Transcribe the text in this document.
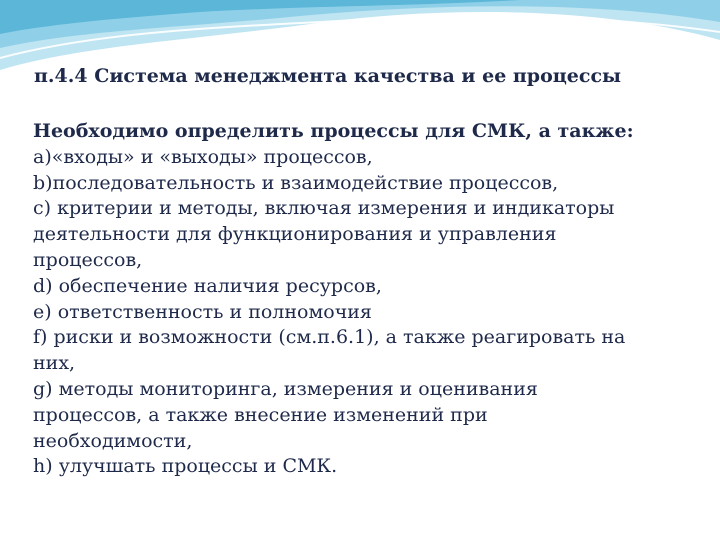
п.4.4 Система менеджмента качества и ее процессы
Необходимо определить процессы для СМК, а также:
a)«входы» и «выходы» процессов,
b)последовательность и взаимодействие процессов,
c) критерии и методы, включая измерения и индикаторы
деятельности для функционирования и управления
процессов,
d) обеспечение наличия ресурсов,
e) ответственность и полномочия
f) риски и возможности (см.п.6.1), а также реагировать на
них,
g) методы мониторинга, измерения и оценивания
процессов, а также внесение изменений при
необходимости,
h) улучшать процессы и СМК.
